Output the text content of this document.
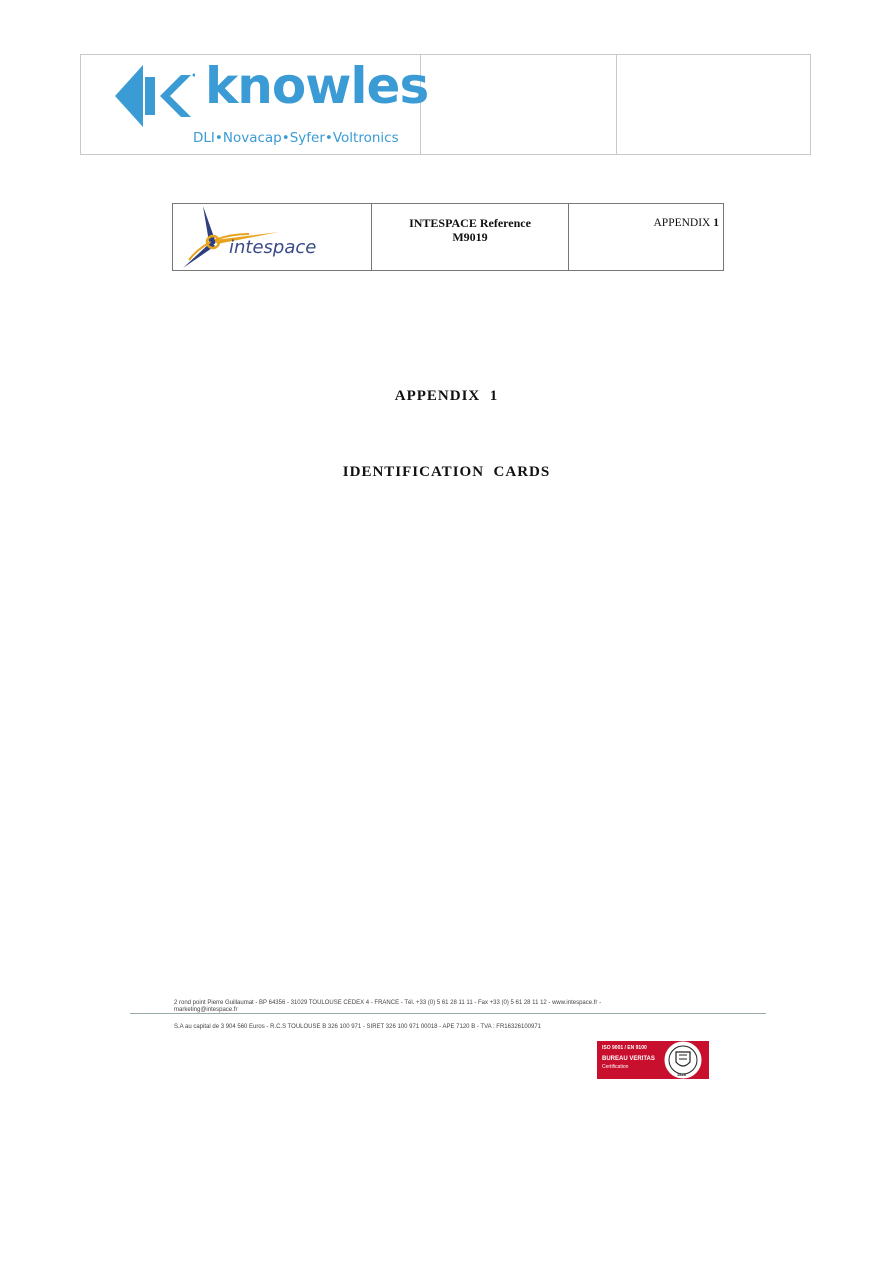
knowles
DLI•Novacap•Syfer•Voltronics
intespace
INTESPACE Reference
M9019
APPENDIX 1
APPENDIX  1
IDENTIFICATION  CARDS
2 rond point Pierre Guillaumat - BP 64356 - 31029 TOULOUSE CEDEX 4 - FRANCE - Tél. +33 (0) 5 61 28 11 11 - Fax +33 (0) 5 61 28 11 12 - www.intespace.fr -
marketing@intespace.fr
S.A au capital de 3 904 560 Euros - R.C.S TOULOUSE B 326 100 971 - SIRET 326 100 971 00018 - APE 7120 B - TVA : FR16326100971
ISO 9001 / EN 9100
BUREAU VERITAS
Certification
1828
